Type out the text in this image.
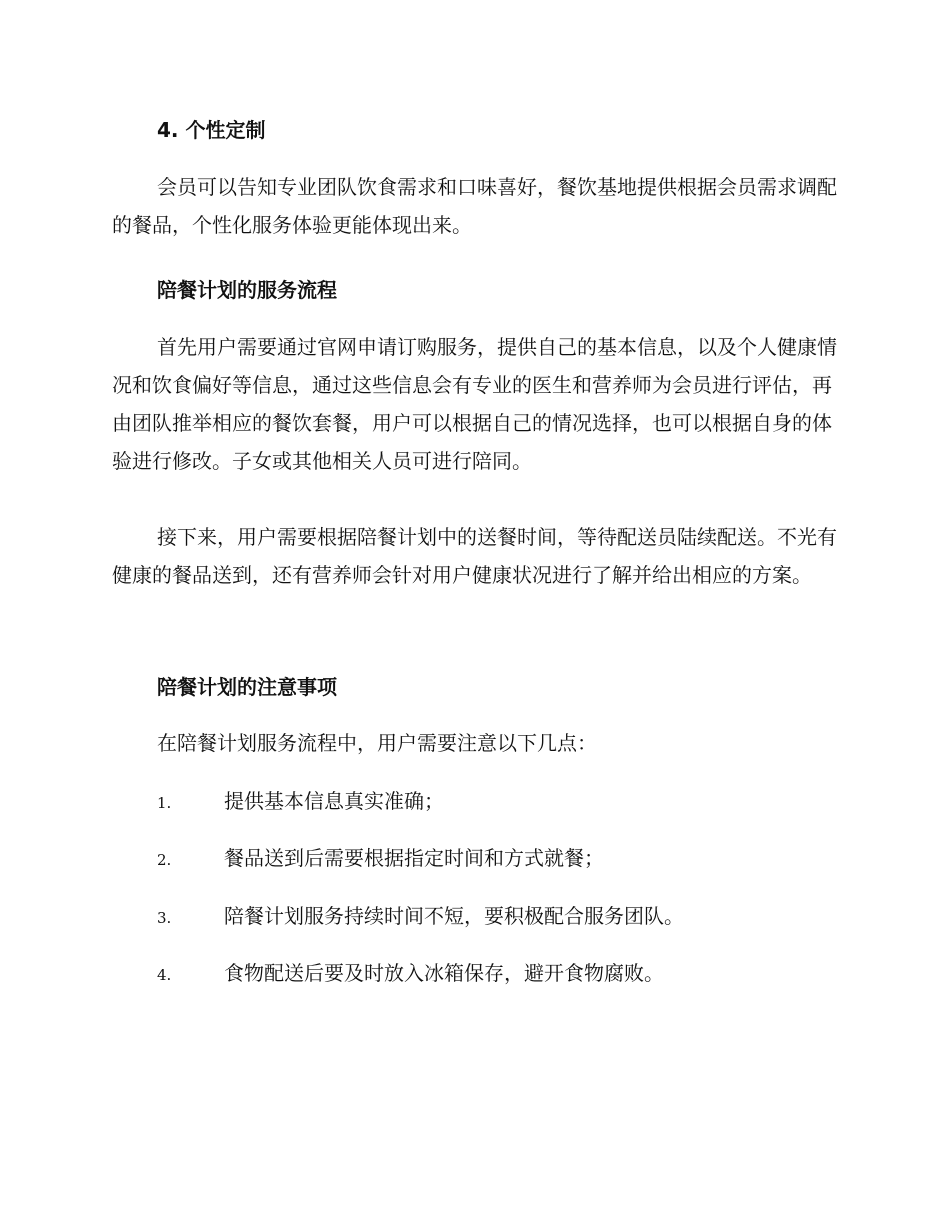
4. 个性定制
会员可以告知专业团队饮食需求和口味喜好，餐饮基地提供根据会员需求调配的餐品，个性化服务体验更能体现出来。
陪餐计划的服务流程
首先用户需要通过官网申请订购服务，提供自己的基本信息，以及个人健康情况和饮食偏好等信息，通过这些信息会有专业的医生和营养师为会员进行评估，再由团队推举相应的餐饮套餐，用户可以根据自己的情况选择，也可以根据自身的体验进行修改。子女或其他相关人员可进行陪同。
接下来，用户需要根据陪餐计划中的送餐时间，等待配送员陆续配送。不光有健康的餐品送到，还有营养师会针对用户健康状况进行了解并给出相应的方案。
陪餐计划的注意事项
在陪餐计划服务流程中，用户需要注意以下几点：
1.	提供基本信息真实准确；
2.	餐品送到后需要根据指定时间和方式就餐；
3.	陪餐计划服务持续时间不短，要积极配合服务团队。
4.	食物配送后要及时放入冰箱保存，避开食物腐败。
